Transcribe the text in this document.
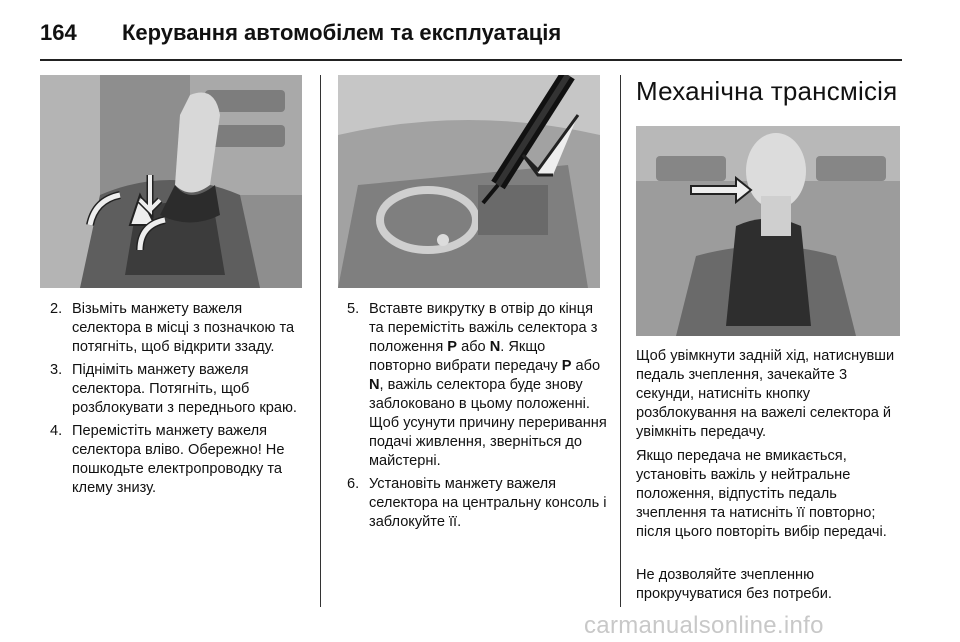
164 Керування автомобілем та експлуатація
2. Візьміть манжету важеля селектора в місці з позначкою та потягніть, щоб відкрити ззаду.
3. Підніміть манжету важеля селектора. Потягніть, щоб розблокувати з переднього краю.
4. Перемістіть манжету важеля селектора вліво. Обережно! Не пошкодьте електропроводку та клему знизу.
5. Вставте викрутку в отвір до кінця та перемістіть важіль селектора з положення P або N. Якщо повторно вибрати передачу P або N, важіль селектора буде знову заблоковано в цьому положенні. Щоб усунути причину переривання подачі живлення, зверніться до майстерні.
6. Установіть манжету важеля селектора на центральну консоль і заблокуйте її.
Механічна трансмісія

Щоб увімкнути задній хід, натиснувши педаль зчеплення, зачекайте 3 секунди, натисніть кнопку розблокування на важелі селектора й увімкніть передачу.

Якщо передача не вмикається, установіть важіль у нейтральне положення, відпустіть педаль зчеплення та натисніть її повторно; після цього повторіть вибір передачі.

Не дозволяйте зчепленню прокручуватися без потреби.

carmanualsonline.info
